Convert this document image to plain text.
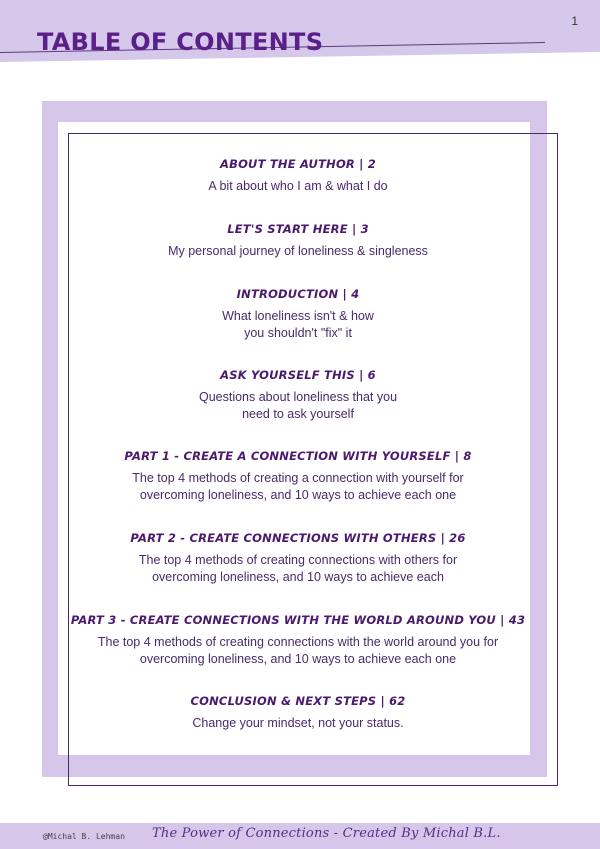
TABLE OF CONTENTS
1
ABOUT THE AUTHOR | 2
A bit about who I am & what I do
LET'S START HERE | 3
My personal journey of loneliness & singleness
INTRODUCTION | 4
What loneliness isn't & how
you shouldn't "fix" it
ASK YOURSELF THIS | 6
Questions about loneliness that you
need to ask yourself
PART 1 - CREATE A CONNECTION WITH YOURSELF | 8
The top 4 methods of creating a connection with yourself for
overcoming loneliness, and 10 ways to achieve each one
PART 2 - CREATE CONNECTIONS WITH OTHERS | 26
The top 4 methods of creating connections with others for
overcoming loneliness, and 10 ways to achieve each
PART 3 - CREATE CONNECTIONS WITH THE WORLD AROUND YOU | 43
The top 4 methods of creating connections with the world around you for
overcoming loneliness, and 10 ways to achieve each one
CONCLUSION & NEXT STEPS | 62
Change your mindset, not your status.
@Michal B. Lehman The Power of Connections - Created By Michal B.L.
